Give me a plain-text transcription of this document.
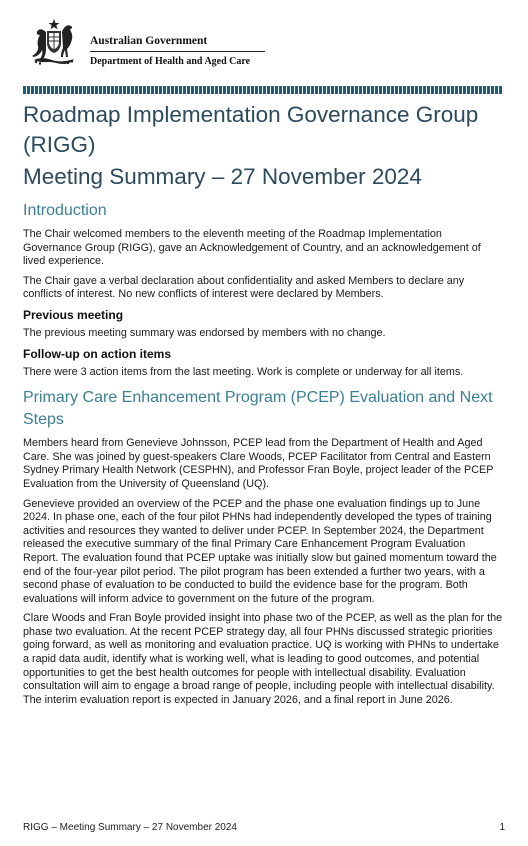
Australian Government
Department of Health and Aged Care
Roadmap Implementation Governance Group (RIGG)
Meeting Summary – 27 November 2024
Introduction

The Chair welcomed members to the eleventh meeting of the Roadmap Implementation Governance Group (RIGG), gave an Acknowledgement of Country, and an acknowledgement of lived experience.

The Chair gave a verbal declaration about confidentiality and asked Members to declare any conflicts of interest. No new conflicts of interest were declared by Members.

Previous meeting

The previous meeting summary was endorsed by members with no change.

Follow-up on action items

There were 3 action items from the last meeting. Work is complete or underway for all items.

Primary Care Enhancement Program (PCEP) Evaluation and Next Steps

Members heard from Genevieve Johnsson, PCEP lead from the Department of Health and Aged Care. She was joined by guest-speakers Clare Woods, PCEP Facilitator from Central and Eastern Sydney Primary Health Network (CESPHN), and Professor Fran Boyle, project leader of the PCEP Evaluation from the University of Queensland (UQ).

Genevieve provided an overview of the PCEP and the phase one evaluation findings up to June 2024. In phase one, each of the four pilot PHNs had independently developed the types of training activities and resources they wanted to deliver under PCEP. In September 2024, the Department released the executive summary of the final Primary Care Enhancement Program Evaluation Report. The evaluation found that PCEP uptake was initially slow but gained momentum toward the end of the four-year pilot period. The pilot program has been extended a further two years, with a second phase of evaluation to be conducted to build the evidence base for the program. Both evaluations will inform advice to government on the future of the program.

Clare Woods and Fran Boyle provided insight into phase two of the PCEP, as well as the plan for the phase two evaluation. At the recent PCEP strategy day, all four PHNs discussed strategic priorities going forward, as well as monitoring and evaluation practice. UQ is working with PHNs to undertake a rapid data audit, identify what is working well, what is leading to good outcomes, and potential opportunities to get the best health outcomes for people with intellectual disability. Evaluation consultation will aim to engage a broad range of people, including people with intellectual disability. The interim evaluation report is expected in January 2026, and a final report in June 2026.

RIGG – Meeting Summary – 27 November 2024	1
